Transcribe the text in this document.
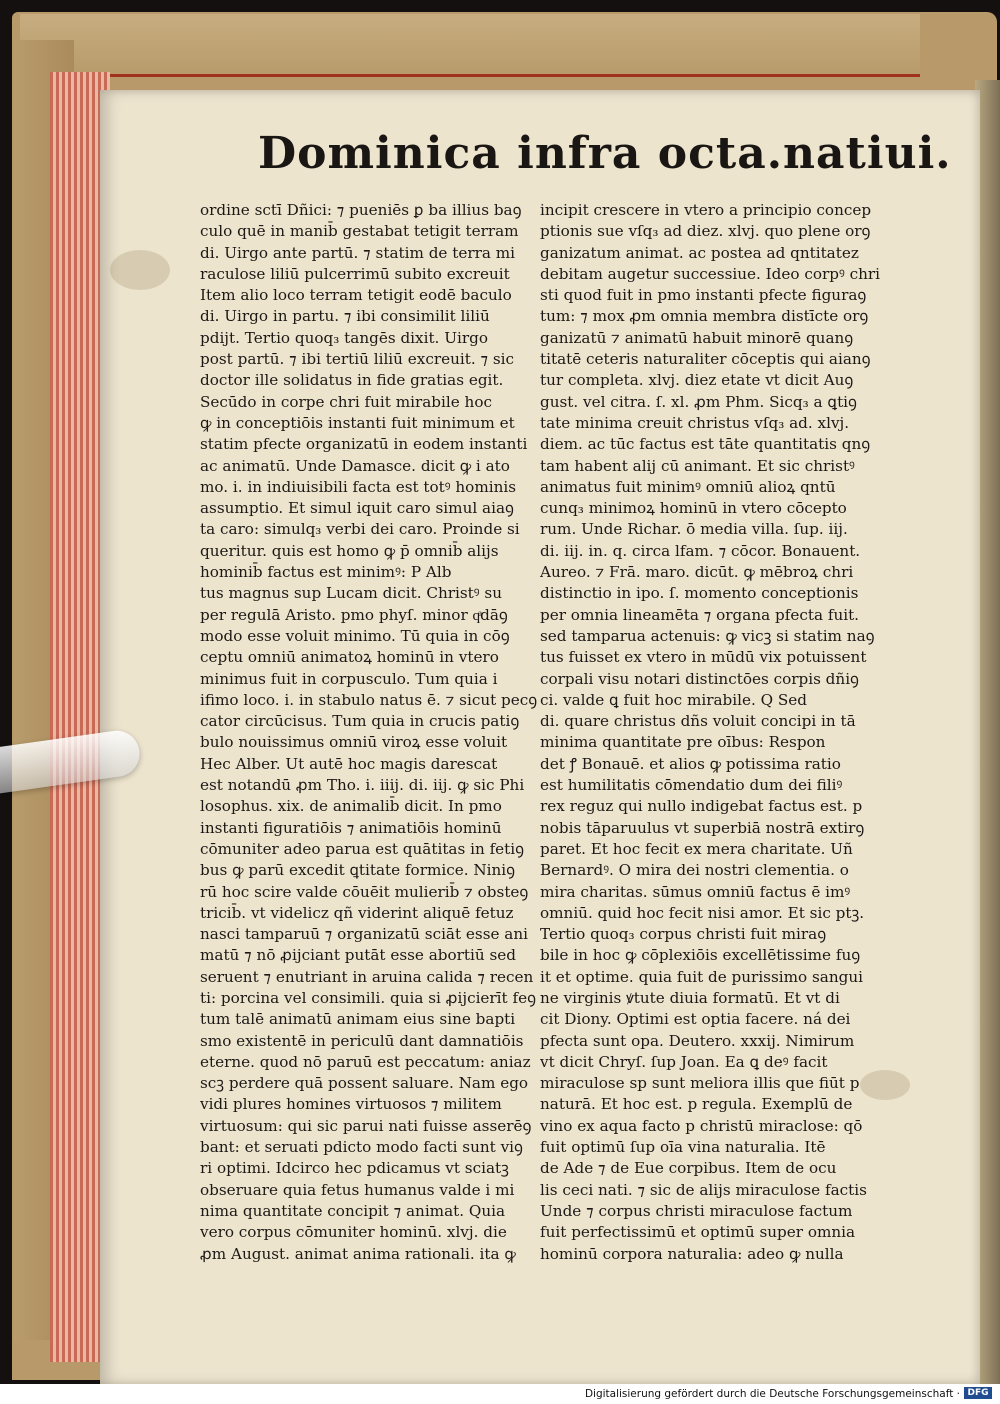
Dominica infra octa.natiui.
ordine sctī Dñici: ⁊ pueniēs ꝑ ba illius baꝯ
culo quē in manib̄ gestabat tetigit terram
di. Uirgo ante partū. ⁊ statim de terra mi
raculose liliū pulcerrimū subito excreuit
Item alio loco terram tetigit eodē baculo
di. Uirgo in partu. ⁊ ibi consimilit liliū
pdijt. Tertio quoq₃ tangēs dixit. Uirgo
post partū. ⁊ ibi tertiū liliū excreuit. ⁊ sic
doctor ille solidatus in fide gratias egit.
Secūdo in corpe chri fuit mirabile hoc
ꝙ in conceptiōis instanti fuit minimum et
statim pfecte organizatū in eodem instanti
ac animatū. Unde Damasce. dicit ꝙ i ato
mo. i. in indiuisibili facta est totꝰ hominis
assumptio. Et simul iquit caro simul aiaꝯ
ta caro: simulq₃ verbi dei caro. Proinde si
queritur. quis est homo ꝙ p̄ omnib̄ alijs
hominib̄ factus est minimꝰ: P Alb
tus magnus sup Lucam dicit. Christꝰ su
per regulā Aristo. pmo phyſ. minor qͣdāꝯ
modo esse voluit minimo. Tū quia in cōꝯ
ceptu omniū animatoꝝ hominū in vtero
minimus fuit in corpusculo. Tum quia i
ifimo loco. i. in stabulo natus ē. ⁊ sicut pecꝯ
cator circūcisus. Tum quia in crucis patiꝯ
bulo nouissimus omniū viroꝝ esse voluit
Hec Alber. Ut autē hoc magis darescat
est notandū ꝓm Tho. i. iiij. di. iij. ꝙ sic Phi
losophus. xix. de animalib̄ dicit. In pmo
instanti figuratiōis ⁊ animatiōis hominū
cōmuniter adeo parua est quātitas in fetiꝯ
bus ꝙ parū excedit ꝗtitate formice. Niniꝯ
rū hoc scire valde cōuēit mulierib̄ ⁊ obsteꝯ
tricib̄. vt videlicz qñ viderint aliquē fetuz
nasci tamparuū ⁊ organizatū sciāt esse ani
matū ⁊ nō ꝓijciant putāt esse abortiū sed
seruent ⁊ enutriant in aruina calida ⁊ recen
ti: porcina vel consimili. quia si ꝓijcierīt feꝯ
tum talē animatū animam eius sine bapti
smo existentē in periculū dant damnatiōis
eterne. quod nō paruū est peccatum: aniaz
scꝫ perdere quā possent saluare. Nam ego
vidi plures homines virtuosos ⁊ militem
virtuosum: qui sic parui nati fuisse asserēꝯ
bant: et seruati pdicto modo facti sunt viꝯ
ri optimi. Idcirco hec pdicamus vt sciatꝫ
obseruare quia fetus humanus valde i mi
nima quantitate concipit ⁊ animat. Quia
vero corpus cōmuniter hominū. xlvj. die
ꝓm August. animat anima rationali. ita ꝙ
incipit crescere in vtero a principio concep
ptionis sue vſq₃ ad diez. xlvj. quo plene orꝯ
ganizatum animat. ac postea ad qntitatez
debitam augetur successiue. Ideo corpꝰ chri
sti quod fuit in pmo instanti pfecte figuraꝯ
tum: ⁊ mox ꝓm omnia membra distīcte orꝯ
ganizatū ⁊ animatū habuit minorē quanꝯ
titatē ceteris naturaliter cōceptis qui aianꝯ
tur completa. xlvj. diez etate vt dicit Auꝯ
gust. vel citra. ſ. xl. ꝓm Phm. Sicq₃ a ꝗtiꝯ
tate minima creuit christus vſq₃ ad. xlvj.
diem. ac tūc factus est tāte quantitatis qnꝯ
tam habent alij cū animant. Et sic christꝰ
animatus fuit minimꝰ omniū alioꝝ qntū
cunq₃ minimoꝝ hominū in vtero cōcepto
rum. Unde Richar. ō media villa. ſup. iij.
di. iij. in. q. circa lfam. ⁊ cōcor. Bonauent.
Aureo. ⁊ Frā. maro. dicūt. ꝙ mēbroꝝ chri
distinctio in ipo. ſ. momento conceptionis
per omnia lineamēta ⁊ organa pfecta fuit.
sed tamparua actenuis: ꝙ vicꝫ si statim naꝯ
tus fuisset ex vtero in mūdū vix potuissent
corpali visu notari distinctōes corpis dñiꝯ
ci. valde ꝗ fuit hoc mirabile. Q Sed
di. quare christus dñs voluit concipi in tā
minima quantitate pre oībus: Respon
det ꝭ Bonauē. et alios ꝙ potissima ratio
est humilitatis cōmendatio dum dei filiꝰ
rex reguz qui nullo indigebat factus est. p
nobis tāparuulus vt superbiā nostrā extirꝯ
paret. Et hoc fecit ex mera charitate. Uñ
Bernardꝰ. O mira dei nostri clementia. o
mira charitas. sūmus omniū factus ē imꝰ
omniū. quid hoc fecit nisi amor. Et sic ptꝫ.
Tertio quoq₃ corpus christi fuit miraꝯ
bile in hoc ꝙ cōplexiōis excellētissime fuꝯ
it et optime. quia fuit de purissimo sangui
ne virginis ꝟtute diuia formatū. Et vt di
cit Diony. Optimi est optia facere. ná dei
pfecta sunt opa. Deutero. xxxij. Nimirum
vt dicit Chryſ. ſup Joan. Ea ꝗ deꝰ facit
miraculose sp sunt meliora illis que fiūt p
naturā. Et hoc est. p regula. Exemplū de
vino ex aqua facto p christū miraclose: qō
fuit optimū ſup oīa vina naturalia. Itē
de Ade ⁊ de Eue corpibus. Item de ocu
lis ceci nati. ⁊ sic de alijs miraculose factis
Unde ⁊ corpus christi miraculose factum
fuit perfectissimū et optimū super omnia
hominū corpora naturalia: adeo ꝙ nulla
Digitalisierung gefördert durch die Deutsche Forschungsgemeinschaft · DFG
